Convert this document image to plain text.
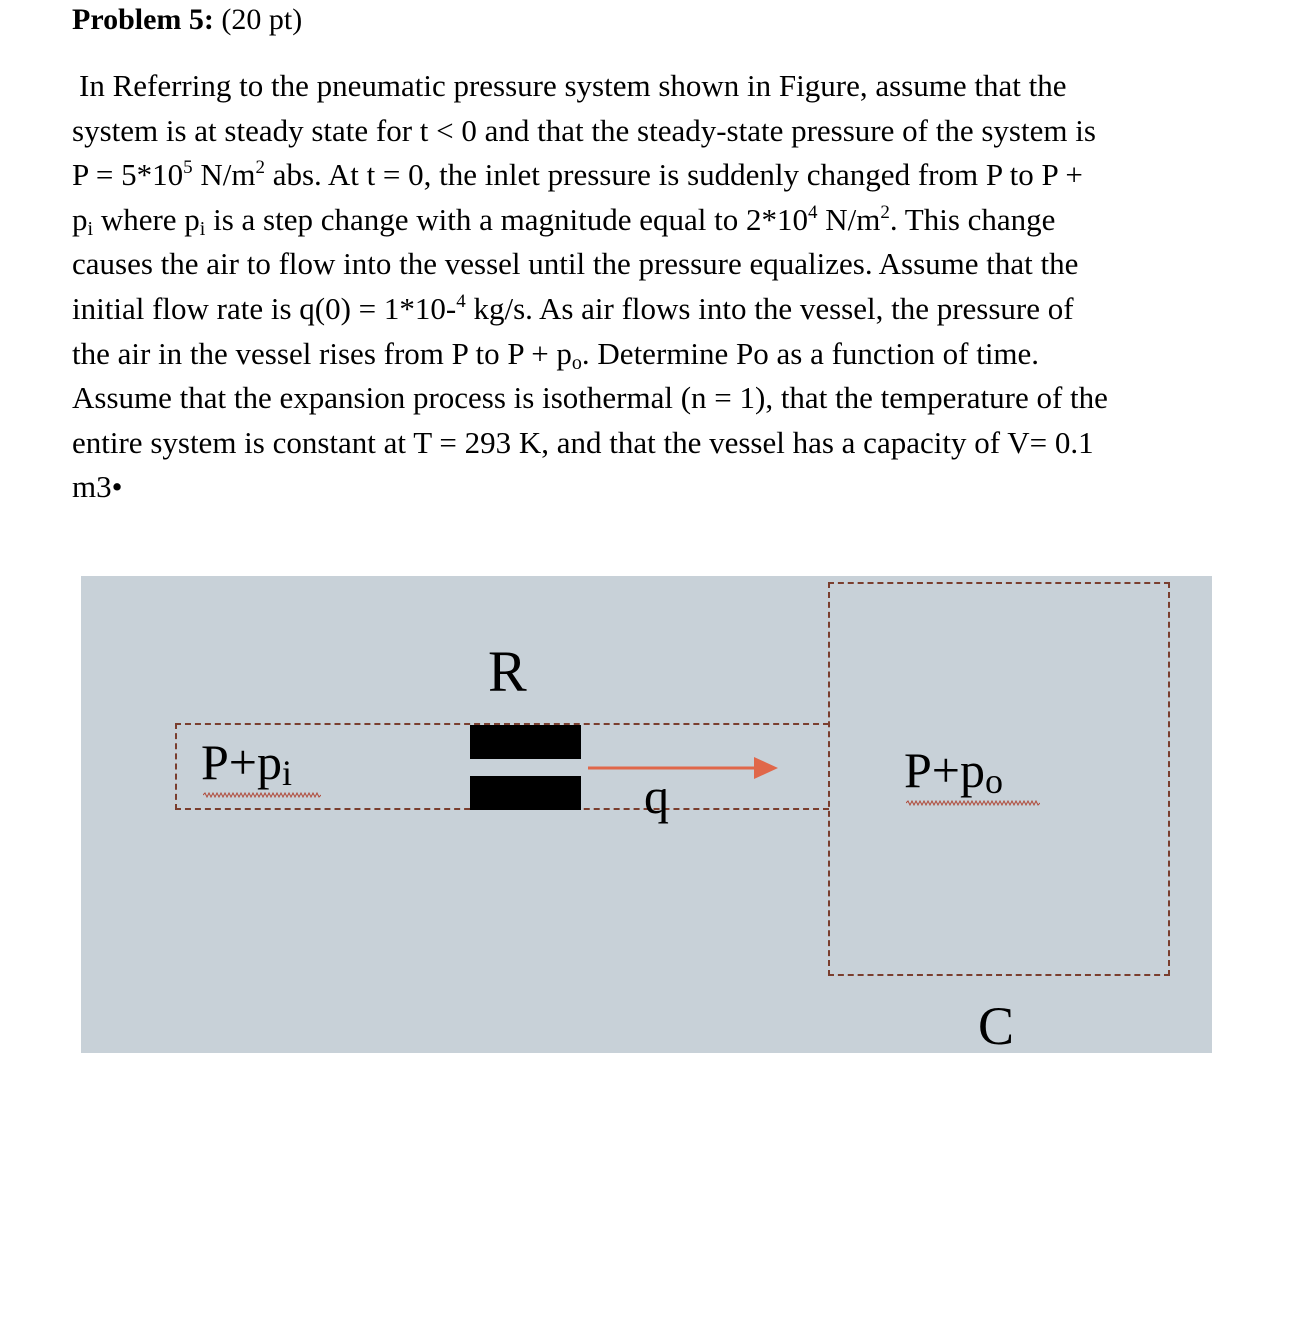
Problem 5: (20 pt)
In Referring to the pneumatic pressure system shown in Figure, assume that the
system is at steady state for t < 0 and that the steady-state pressure of the system is
$P = 5*10^5$ $N/m^2$ abs. At t = 0, the inlet pressure is suddenly changed from P to P +
$p_i$ where $p_i$ is a step change with a magnitude equal to $2*10^4$ $N/m^2$. This change
causes the air to flow into the vessel until the pressure equalizes. Assume that the
initial flow rate is q(0) = 1*10-$^4$ kg/s. As air flows into the vessel, the pressure of
the air in the vessel rises from P to $P + p_o$. Determine Po as a function of time.
Assume that the expansion process is isothermal (n = 1), that the temperature of the
entire system is constant at T = 293 K, and that the vessel has a capacity of V= 0.1
m3•
R
C
q
P+pi	P+po
